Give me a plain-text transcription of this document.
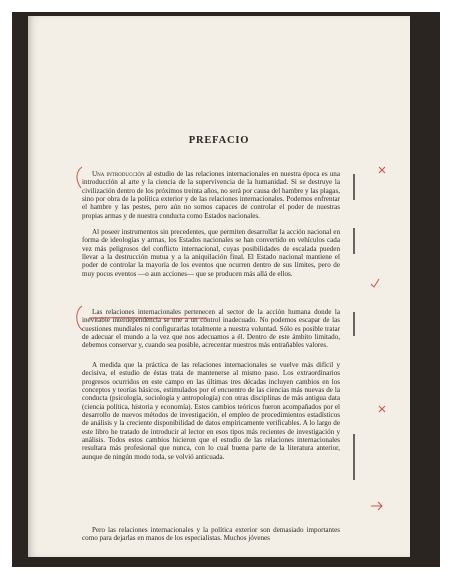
PREFACIO

Una introducción al estudio de las relaciones internacionales en nuestra época es una introducción al arte y la ciencia de la supervivencia de la humanidad. Si se destruye la civilización dentro de los próximos treinta años, no será por causa del hambre y las plagas, sino por obra de la política exterior y de las relaciones internacionales. Podemos enfrentar el hambre y las pestes, pero aún no somos capaces de controlar el poder de nuestras propias armas y de nuestra conducta como Estados nacionales.

Al poseer instrumentos sin precedentes, que permiten desarrollar la acción nacional en forma de ideologías y armas, los Estados nacionales se han convertido en vehículos cada vez más peligrosos del conflicto internacional, cuyas posibilidades de escalada pueden llevar a la destrucción mutua y a la aniquilación final. El Estado nacional mantiene el poder de controlar la mayoría de los eventos que ocurren dentro de sus límites, pero de muy pocos eventos —o aun acciones— que se producen más allá de ellos.

Las relaciones internacionales pertenecen al sector de la acción humana donde la inevitable interdependencia se une a un control inadecuado. No podemos escapar de las cuestiones mundiales ni configurarlas totalmente a nuestra voluntad. Sólo es posible tratar de adecuar el mundo a la vez que nos adecuamos a él. Dentro de este ámbito limitado, debemos conservar y, cuando sea posible, acrecentar nuestros más entrañables valores.

A medida que la práctica de las relaciones internacionales se vuelve más difícil y decisiva, el estudio de éstas trata de mantenerse al mismo paso. Los extraordinarios progresos ocurridos en este campo en las últimas tres décadas incluyen cambios en los conceptos y teorías básicos, estimulados por el encuentro de las ciencias más nuevas de la conducta (psicología, sociología y antropología) con otras disciplinas de más antigua data (ciencia política, historia y economía). Estos cambios teóricos fueron acompañados por el desarrollo de nuevos métodos de investigación, el empleo de procedimientos estadísticos de análisis y la creciente disponibilidad de datos empíricamente verificables. A lo largo de este libro he tratado de introducir al lector en esos tipos más recientes de investigación y análisis. Todos estos cambios hicieron que el estudio de las relaciones internacionales resultara más profesional que nunca, con lo cual buena parte de la literatura anterior, aunque de ningún modo toda, se volvió anticuada.

Pero las relaciones internacionales y la política exterior son demasiado importantes como para dejarlas en manos de los especialistas. Muchos jóvenes
